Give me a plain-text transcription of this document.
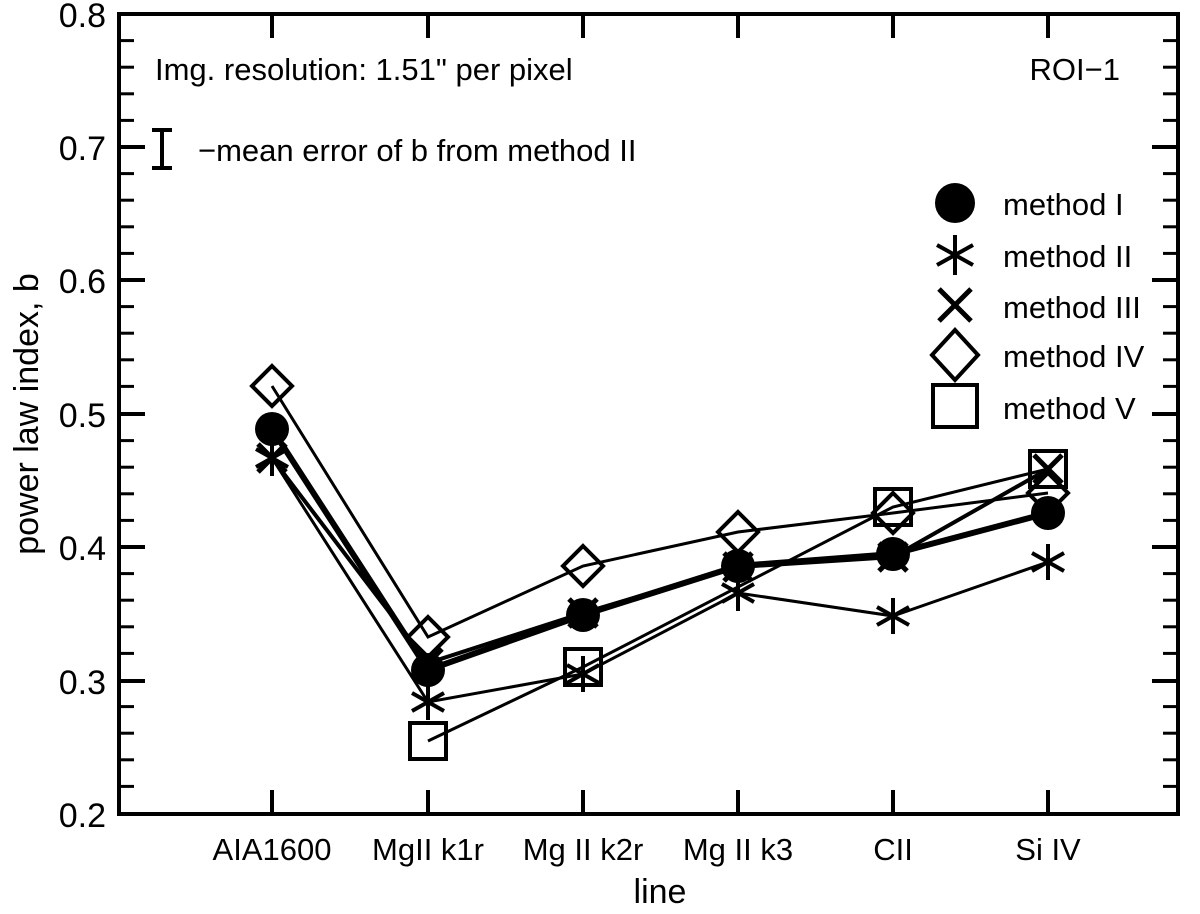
0.8
0.7
0.6
0.5
0.4
0.3
0.2
AIA1600 MgII k1r Mg II k2r Mg II k3	CII	Si IV
line
power law index, b
Img. resolution: 1.51" per pixel	ROI−1
−mean error of b from method II
method I
method II
method III
method IV
method V
